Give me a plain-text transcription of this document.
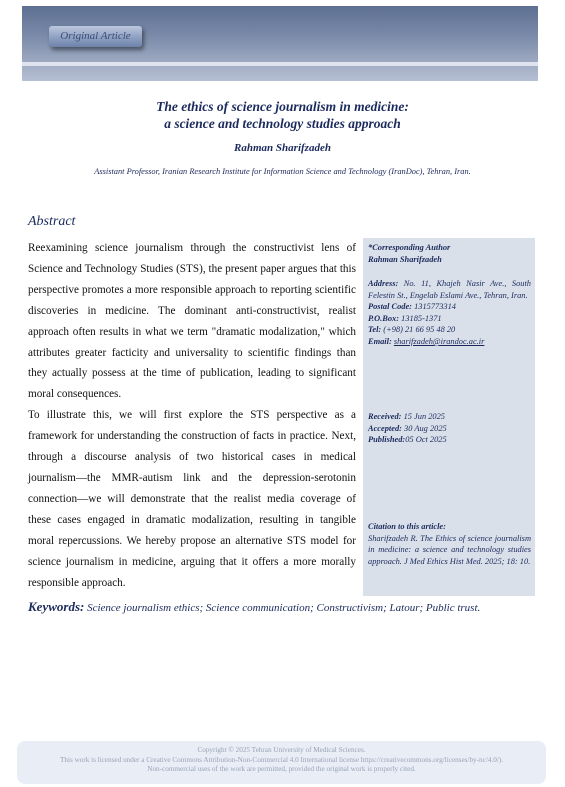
Original Article
The ethics of science journalism in medicine:
a science and technology studies approach
Rahman Sharifzadeh
Assistant Professor, Iranian Research Institute for Information Science and Technology (IranDoc), Tehran, Iran.
Abstract

Reexamining science journalism through the constructivist lens of Science and Technology Studies (STS), the present paper argues that this perspective promotes a more responsible approach to reporting scientific discoveries in medicine. The dominant anti-constructivist, realist approach often results in what we term "dramatic modalization," which attributes greater facticity and universality to scientific findings than they actually possess at the time of publication, leading to significant moral consequences.

To illustrate this, we will first explore the STS perspective as a framework for understanding the construction of facts in practice. Next, through a discourse analysis of two historical cases in medical journalism—the MMR-autism link and the depression-serotonin connection—we will demonstrate that the realist media coverage of these cases engaged in dramatic modalization, resulting in tangible moral repercussions. We hereby propose an alternative STS model for science journalism in medicine, arguing that it offers a more morally responsible approach.

*Corresponding Author
Rahman Sharifzadeh
Address: No. 11, Khajeh Nasir Ave., South Felestin St., Engelab Eslami Ave., Tehran, Iran.
Postal Code: 1315773314
P.O.Box: 13185-1371
Tel: (+98) 21 66 95 48 20
Email: sharifzadeh@irandoc.ac.ir
Received: 15 Jun 2025
Accepted: 30 Aug 2025
Published:05 Oct 2025
Citation to this article:
Sharifzadeh R. The Ethics of science journalism in medicine: a science and technology studies approach. J Med Ethics Hist Med. 2025; 18: 10.
Keywords: Science journalism ethics; Science communication; Constructivism; Latour; Public trust.
Copyright © 2025 Tehran University of Medical Sciences.
This work is licensed under a Creative Commons Attribution-Non-Commercial 4.0 International license https://creativecommons.org/licenses/by-nc/4.0/).
Non-commercial uses of the work are permitted, provided the original work is properly cited.
